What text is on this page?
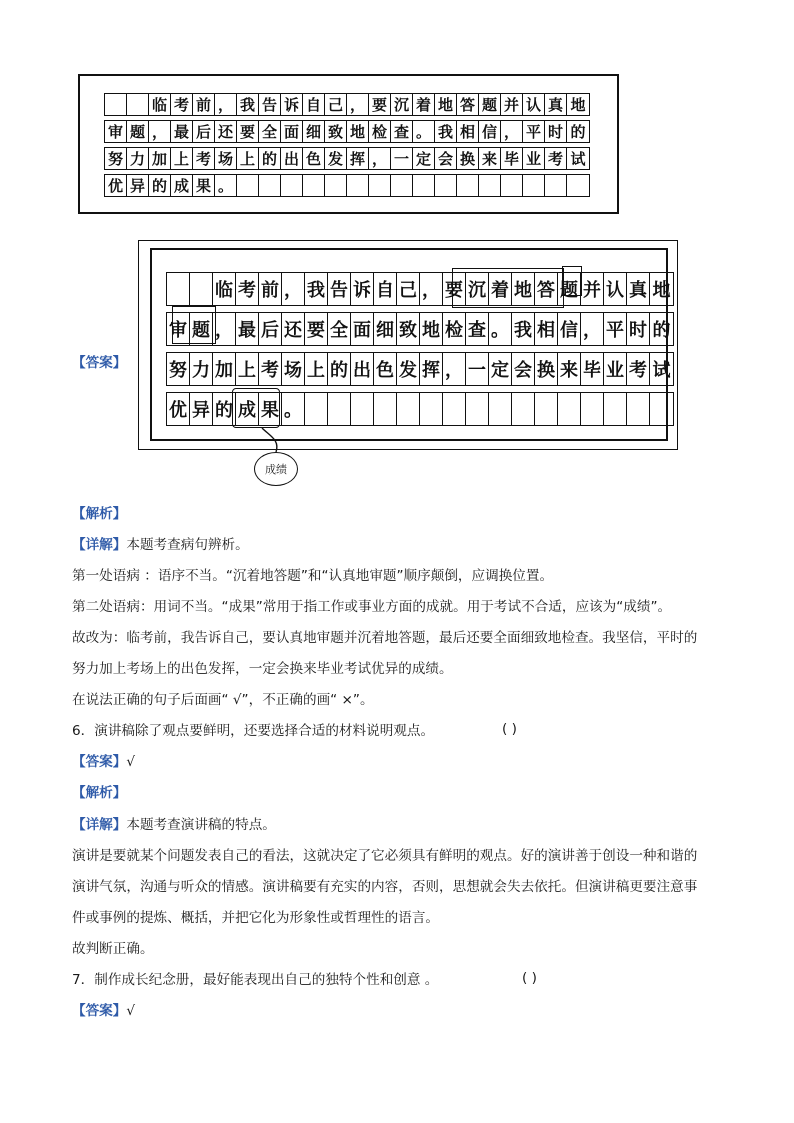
临 考 前 ， 我 告 诉 自 己 ， 要 沉 着 地 答 题 并 认 真 地
审 题 ， 最 后 还 要 全 面 细 致 地 检 查 。 我 相 信 ， 平 时 的
努 力 加 上 考 场 上 的 出 色 发 挥 ， 一 定 会 换 来 毕 业 考 试
优 异 的 成 果 。
临 考 前 ， 我 告 诉 自 己 ， 要 沉 着 地 答 题 并 认 真 地
审 题 ， 最 后 还 要 全 面 细 致 地 检 查 。 我 相 信 ， 平 时 的
努 力 加 上 考 场 上 的 出 色 发 挥 ， 一 定 会 换 来 毕 业 考 试
优 异 的 成 果 。
成绩
【答案】
【解析】
【详解】本题考查病句辨析。
第一处语病 ：语序不当。“沉着地答题”和“认真地审题”顺序颠倒，应调换位置。
第二处语病：用词不当。“成果”常用于指工作或事业方面的成就。用于考试不合适，应该为“成绩”。
故改为：临考前，我告诉自己，要认真地审题并沉着地答题，最后还要全面细致地检查。我坚信，平时的
努力加上考场上的出色发挥，一定会换来毕业考试优异的成绩。
在说法正确的句子后面画“ √”，不正确的画“ ×”。
6．演讲稿除了观点要鲜明，还要选择合适的材料说明观点。	( )
【答案】√
【解析】
【详解】本题考查演讲稿的特点。
演讲是要就某个问题发表自己的看法，这就决定了它必须具有鲜明的观点。好的演讲善于创设一种和谐的
演讲气氛，沟通与听众的情感。演讲稿要有充实的内容，否则，思想就会失去依托。但演讲稿更要注意事
件或事例的提炼、概括，并把它化为形象性或哲理性的语言。
故判断正确。
7．制作成长纪念册，最好能表现出自己的独特个性和创意 。	( )
【答案】√
